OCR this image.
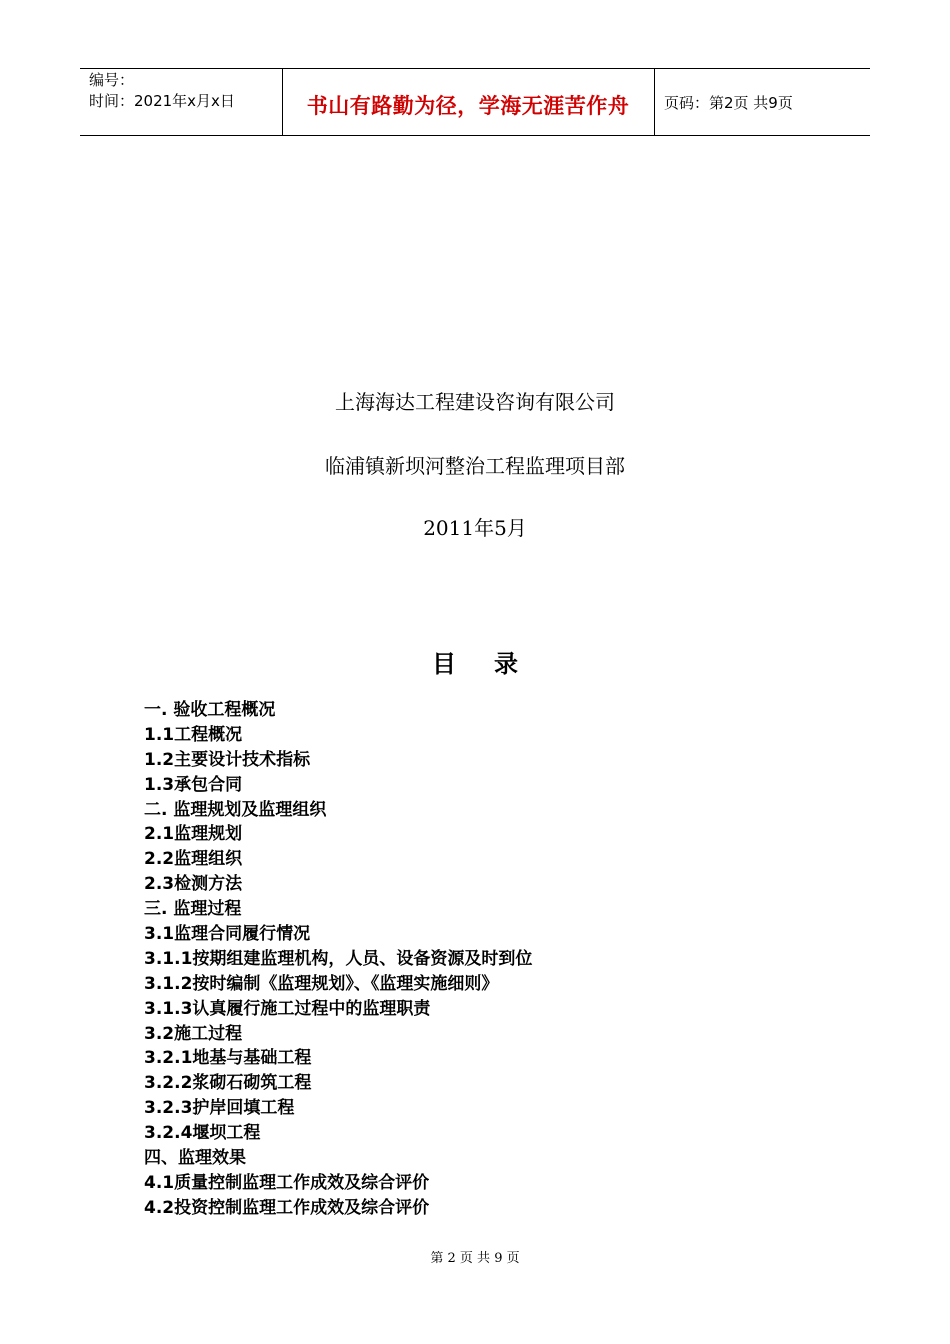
编号：
时间：2021年x月x日	书山有路勤为径，学海无涯苦作舟	页码：第2页 共9页
上海海达工程建设咨询有限公司
临浦镇新坝河整治工程监理项目部
2011年5月
目录
一. 验收工程概况
1.1工程概况
1.2主要设计技术指标
1.3承包合同
二. 监理规划及监理组织
2.1监理规划
2.2监理组织
2.3检测方法
三. 监理过程
3.1监理合同履行情况
3.1.1按期组建监理机构，人员、设备资源及时到位
3.1.2按时编制《监理规划》、《监理实施细则》
3.1.3认真履行施工过程中的监理职责
3.2施工过程
3.2.1地基与基础工程
3.2.2浆砌石砌筑工程
3.2.3护岸回填工程
3.2.4堰坝工程
四、监理效果
4.1质量控制监理工作成效及综合评价
4.2投资控制监理工作成效及综合评价
第 2 页 共 9 页
